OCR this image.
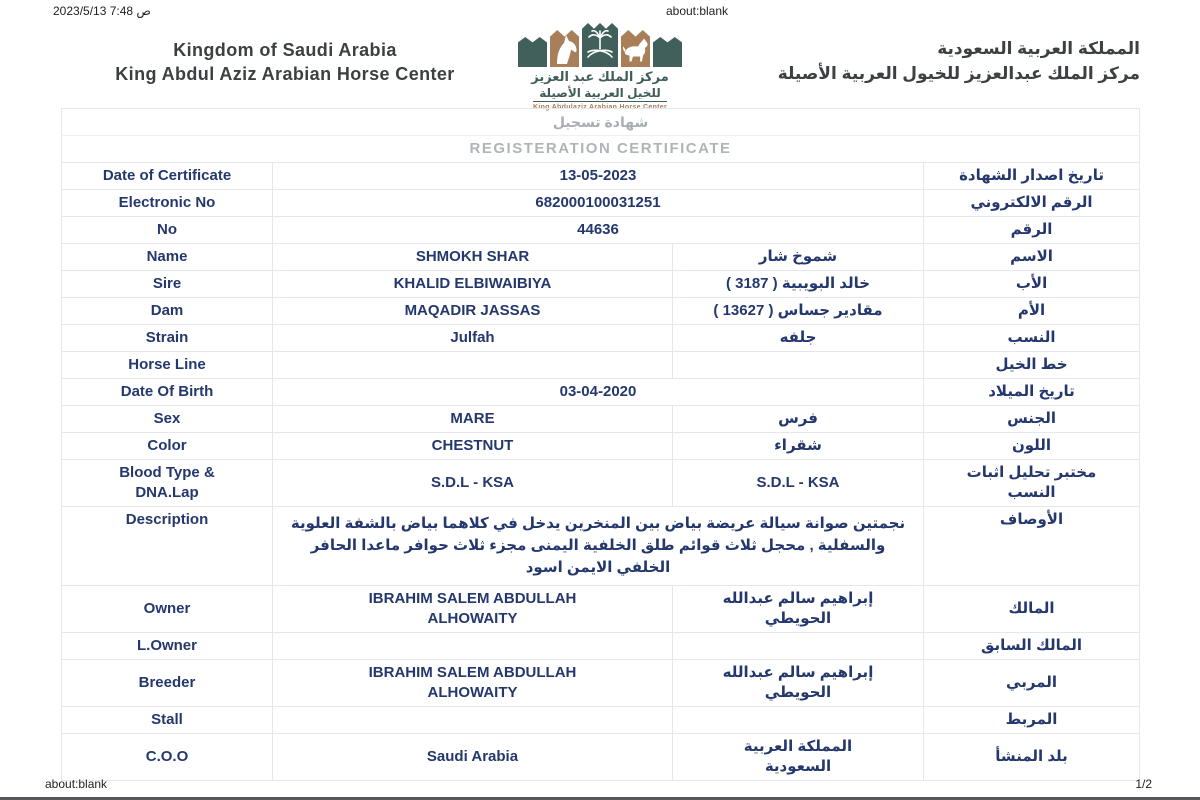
ص 7:48 2023/5/13	about:blank
Kingdom of Saudi Arabia
King Abdul Aziz Arabian Horse Center	مركز الملك عبد العزيز
للخيل العربية الأصيلة
King Abdulaziz Arabian Horse Center
المملكة العربية السعودية
مركز الملك عبدالعزيز للخيول العربية الأصيلة
شهادة تسجيل			
REGISTERATION CERTIFICATE			
Date of Certificate	13-05-2023		تاريخ اصدار الشهادة
Electronic No	682000100031251		الرقم الالكتروني
No	44636		الرقم
Name	SHMOKH SHAR	شموخ شار	الاسم
Sire	KHALID ELBIWAIBIYA	خالد البويبية ( 3187 )	الأب
Dam	MAQADIR JASSAS	مقادير جساس ( 13627 )	الأم
Strain	Julfah	جلفه	النسب
Horse Line			خط الخيل
Date Of Birth	03-04-2020		تاريخ الميلاد
Sex	MARE	فرس	الجنس
Color	CHESTNUT	شقراء	اللون
Blood Type & DNA.Lap	S.D.L - KSA	S.D.L - KSA	مختبر تحليل اثبات النسب
Description	نجمتين صوانة سيالة عريضة بياض بين المنخرين يدخل في كلاهما بياض بالشفة العلوية والسفلية , محجل ثلاث قوائم طلق الخلفية اليمنى مجزء ثلاث حوافر ماعدا الحافر الخلفي الايمن اسود		الأوصاف
Owner	IBRAHIM SALEM ABDULLAH ALHOWAITY	إبراهيم سالم عبدالله الحويطي	المالك
L.Owner			المالك السابق
Breeder	IBRAHIM SALEM ABDULLAH ALHOWAITY	إبراهيم سالم عبدالله الحويطي	المربي
Stall			المربط
C.O.O	Saudi Arabia	المملكة العربية السعودية	بلد المنشأ
about:blank	1/2
